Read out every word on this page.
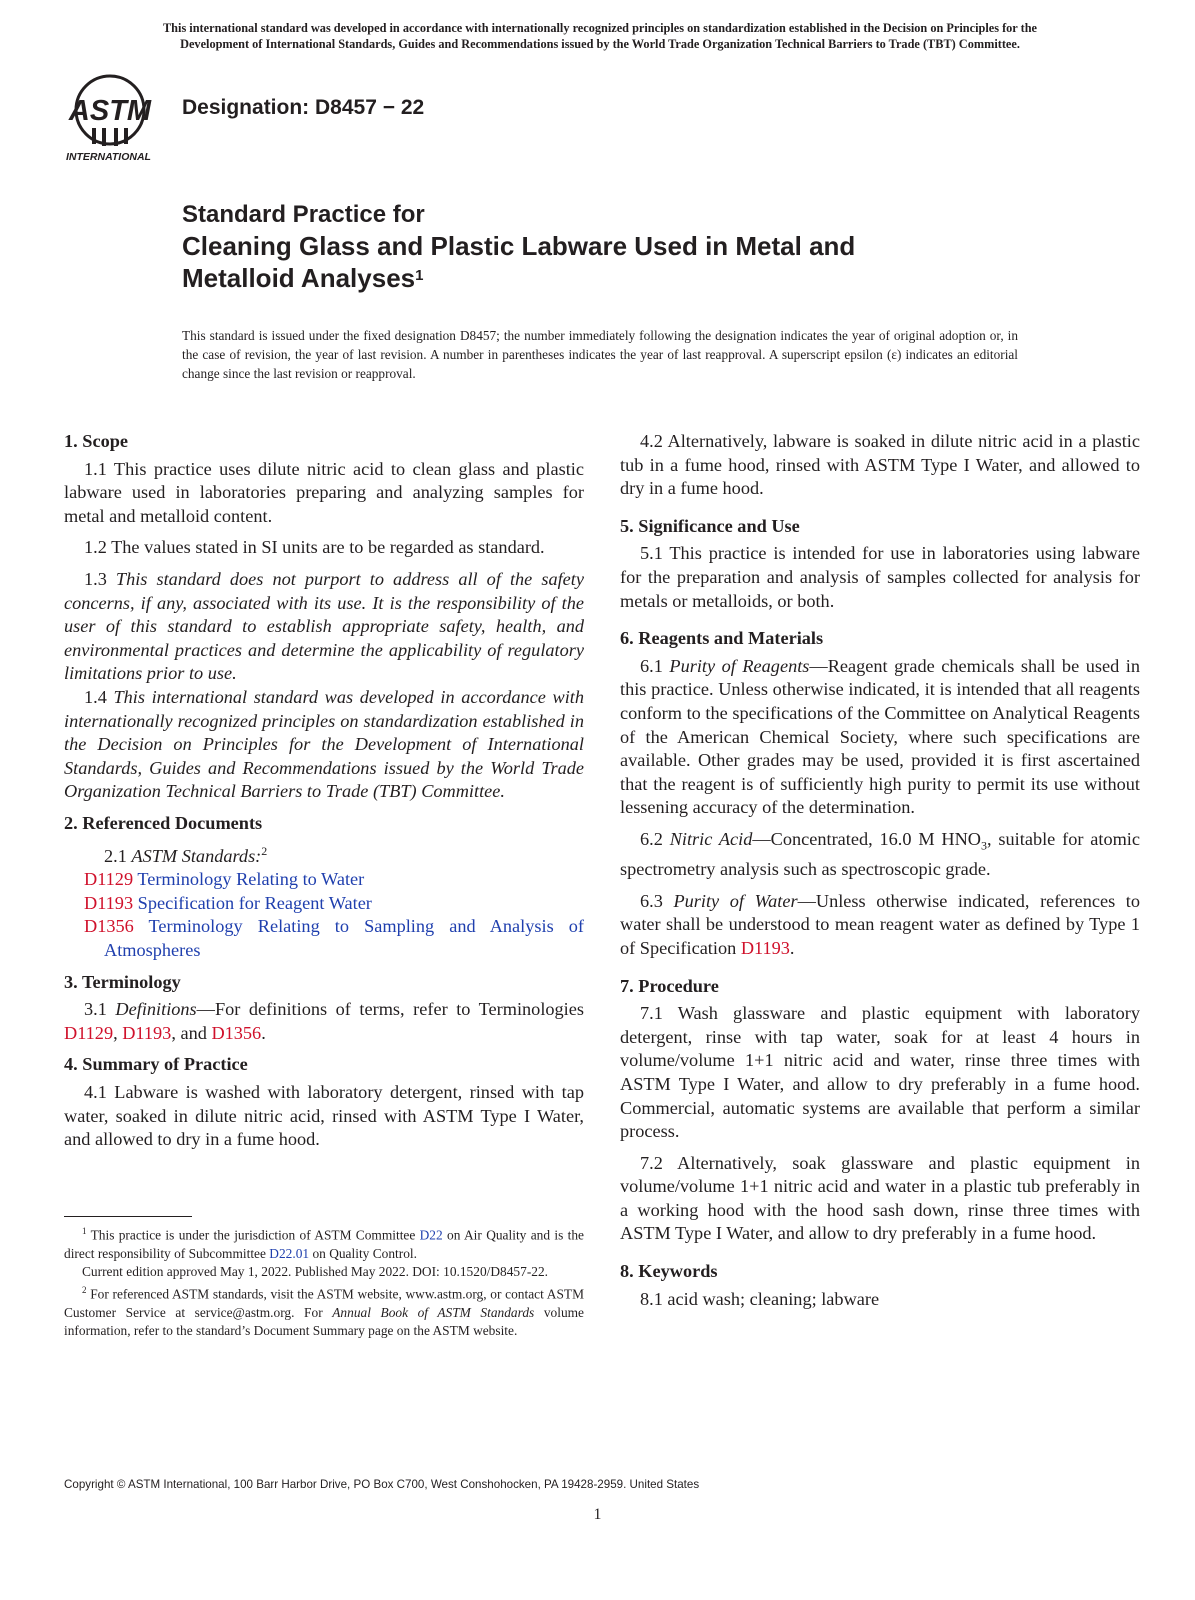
This international standard was developed in accordance with internationally recognized principles on standardization established in the Decision on Principles for the
Development of International Standards, Guides and Recommendations issued by the World Trade Organization Technical Barriers to Trade (TBT) Committee.
ASTM
INTERNATIONAL
Designation: D8457 − 22
Standard Practice for
Cleaning Glass and Plastic Labware Used in Metal and
Metalloid Analyses$^1$
This standard is issued under the fixed designation D8457; the number immediately following the designation indicates the year of original adoption or, in the case of revision, the year of last revision. A number in parentheses indicates the year of last reapproval. A superscript epsilon (ε) indicates an editorial change since the last revision or reapproval.
1. Scope

1.1 This practice uses dilute nitric acid to clean glass and plastic labware used in laboratories preparing and analyzing samples for metal and metalloid content.

1.2 The values stated in SI units are to be regarded as standard.

1.3 This standard does not purport to address all of the safety concerns, if any, associated with its use. It is the responsibility of the user of this standard to establish appropriate safety, health, and environmental practices and determine the applicability of regulatory limitations prior to use.

1.4 This international standard was developed in accordance with internationally recognized principles on standardization established in the Decision on Principles for the Development of International Standards, Guides and Recommendations issued by the World Trade Organization Technical Barriers to Trade (TBT) Committee.

2. Referenced Documents

2.1 ASTM Standards:$^2$

D1129 Terminology Relating to Water
D1193 Specification for Reagent Water
D1356 Terminology Relating to Sampling and Analysis of Atmospheres
3. Terminology

3.1 Definitions—For definitions of terms, refer to Terminologies D1129, D1193, and D1356.

4. Summary of Practice

4.1 Labware is washed with laboratory detergent, rinsed with tap water, soaked in dilute nitric acid, rinsed with ASTM Type I Water, and allowed to dry in a fume hood.

$^1$ This practice is under the jurisdiction of ASTM Committee D22 on Air Quality and is the direct responsibility of Subcommittee D22.01 on Quality Control.

Current edition approved May 1, 2022. Published May 2022. DOI: 10.1520/D8457-22.

$^2$ For referenced ASTM standards, visit the ASTM website, www.astm.org, or contact ASTM Customer Service at service@astm.org. For Annual Book of ASTM Standards volume information, refer to the standard’s Document Summary page on the ASTM website.

4.2 Alternatively, labware is soaked in dilute nitric acid in a plastic tub in a fume hood, rinsed with ASTM Type I Water, and allowed to dry in a fume hood.

5. Significance and Use

5.1 This practice is intended for use in laboratories using labware for the preparation and analysis of samples collected for analysis for metals or metalloids, or both.

6. Reagents and Materials

6.1 Purity of Reagents—Reagent grade chemicals shall be used in this practice. Unless otherwise indicated, it is intended that all reagents conform to the specifications of the Committee on Analytical Reagents of the American Chemical Society, where such specifications are available. Other grades may be used, provided it is first ascertained that the reagent is of sufficiently high purity to permit its use without lessening accuracy of the determination.

6.2 Nitric Acid—Concentrated, 16.0 M $HNO_3$, suitable for atomic spectrometry analysis such as spectroscopic grade.

6.3 Purity of Water—Unless otherwise indicated, references to water shall be understood to mean reagent water as defined by Type 1 of Specification D1193.

7. Procedure

7.1 Wash glassware and plastic equipment with laboratory detergent, rinse with tap water, soak for at least 4 hours in volume/volume 1+1 nitric acid and water, rinse three times with ASTM Type I Water, and allow to dry preferably in a fume hood. Commercial, automatic systems are available that perform a similar process.

7.2 Alternatively, soak glassware and plastic equipment in volume/volume 1+1 nitric acid and water in a plastic tub preferably in a working hood with the hood sash down, rinse three times with ASTM Type I Water, and allow to dry preferably in a fume hood.

8. Keywords

8.1 acid wash; cleaning; labware

Copyright © ASTM International, 100 Barr Harbor Drive, PO Box C700, West Conshohocken, PA 19428-2959. United States
1
